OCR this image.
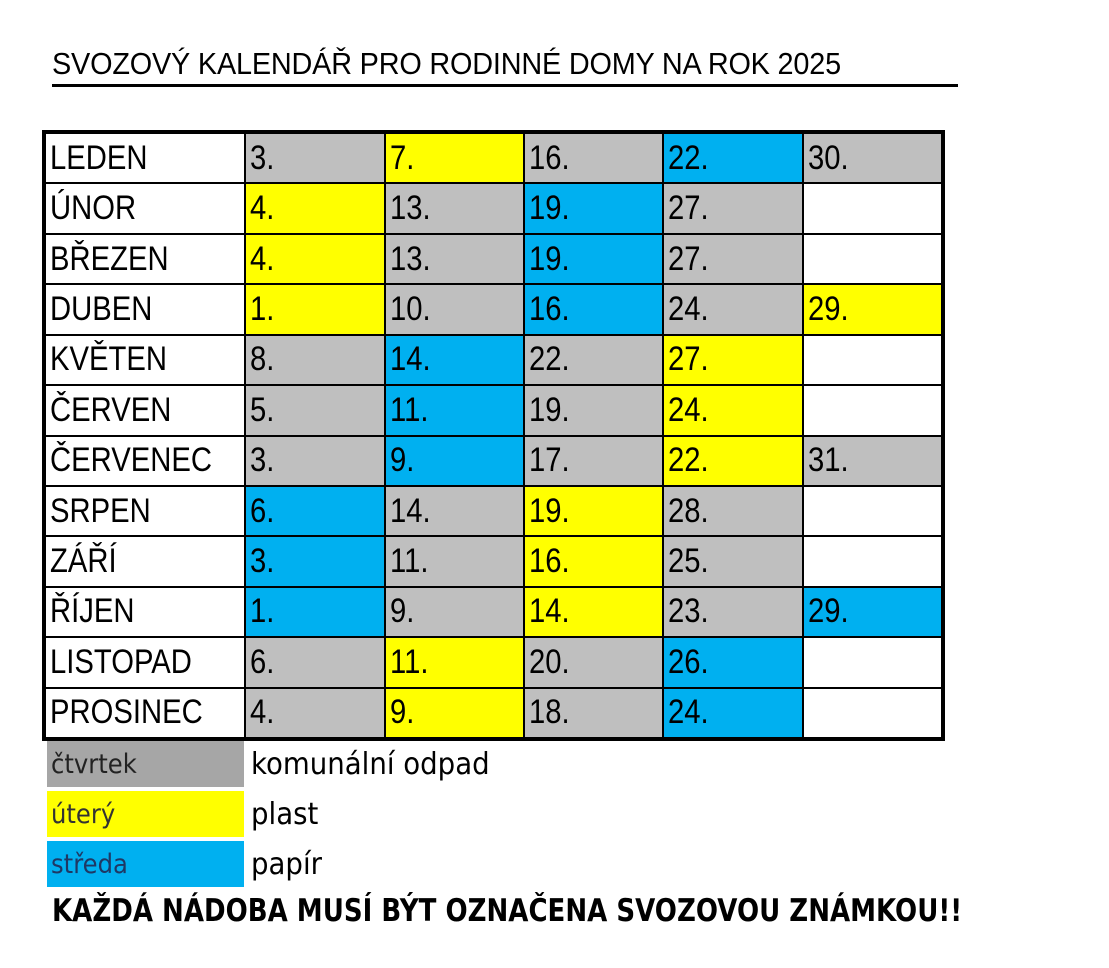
SVOZOVÝ KALENDÁŘ PRO RODINNÉ DOMY NA ROK 2025
LEDEN	3.	7.	16.	22.	30.
ÚNOR	4.	13.	19.	27.
BŘEZEN 4.	13.	19.	27.
DUBEN	1.	10.	16.	24.	29.
KVĚTEN 8.	14.	22.	27.
ČERVEN 5.	11.	19.	24.
ČERVENEC 3.	9.	17.	22.	31.
SRPEN	6.	14.	19.	28.
ZÁŘÍ	3.	11.	16.	25.
ŘÍJEN	1.	9.	14.	23.	29.
LISTOPAD 6.	11.	20.	26.
PROSINEC 4.	9.	18.	24.
čtvrtek	komunální odpad
úterý	plast
středa	papír
KAŽDÁ NÁDOBA MUSÍ BÝT OZNAČENA SVOZOVOU ZNÁMKOU!!
